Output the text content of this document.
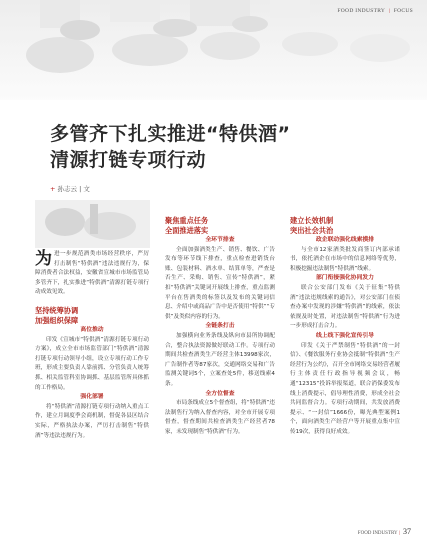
FOOD INDUSTRY | FOCUS
多管齐下扎实推进“特供酒”
清源打链专项行动
+ 孙志云 | 文

为 进一步规范酒类市场经营秩序，严厉打击制售“特供酒”违法违规行为，保障消费者合法权益，安徽省宣城市市场监管局多管齐下，扎实推进“特供酒”清源打链专项行动成效见效。

坚持统筹协调
加强组织保障
高位推动

印发《宣城市“特供酒”清源打链专项行动方案》，成立全市市场监管部门“特供酒”清源打链专项行动领导小组，设立专项行动工作专班，形成主要负责人靠前抓、分管负责人统筹抓、相关监管科室协调抓、基层监管所具体抓的工作格局。

强化部署

将“特供酒”清源打链专项行动纳入重点工作，建立月调度季会商机制，督促各县区结合实际，严格执法办案，严厉打击制售“特供酒”等违法违规行为。

聚焦重点任务
全面推进落实
全环节排查

全面加强酒类生产、销售、餐饮、广告发布等环节线下排查，重点检查进销货台账、包装材料、酒水单、结算单等，严查是否生产、采购、销售、宣传“特供酒”，紧扣“特供酒”关键词开展线上排查，重点监测平台在售酒类的标签以及发布的关键词信息、介绍中或商品广告中是否使用“特供”“专供”及类似内容的行为。

全链条打击

加强横向业务条线及纵向市县所协调配合，整合执法资源做好联动工作。专项行动期间共检查酒类生产经营主体13998家次，广告制作者等87家次，交通网络交易和广告监测关键词5个，立案查处5件，移送线索4条。

全方位督查

市局条线成立5个督查组，将“特供酒”违法制售行为纳入督查内容，对全市开展专项督查，督查期间共检查酒类生产经营者78家，未发现制售“特供酒”行为。

建立长效机制
突出社会共治
政企联动强化线索摸排

与全市12家酒类批发商签订内部承诺书，依托酒企在市场中的信息网络等优势，积极挖掘违法制售“特供酒”线索。

部门衔接强化协同发力

联合公安部门发布《关于征集“特供酒”违法违规线索的通告》，对公安部门在侦查办案中发现的涉嫌“特供酒”的线索，依法依规及时处置，对违法制售“特供酒”行为进一步形成打击合力。

线上线下强化宣传引导

印发《关于严禁制售“特供酒”的一封信》、《餐饮服务行业协会抵制“特供酒”生产经营行为公约》，召开全市网络交易经营者履行主体责任行政指导视频会议，畅通“12315”投诉举报渠道，联合消保委发布线上消费提示，倡导理性消费，形成全社会共同监督合力。专项行动期间，共发放消费提示、“一封信”1666份，曝光典型案例1个，面向酒类生产经营户等开展重点集中宣传19次，获得良好成效。

FOOD INDUSTRY | 37
